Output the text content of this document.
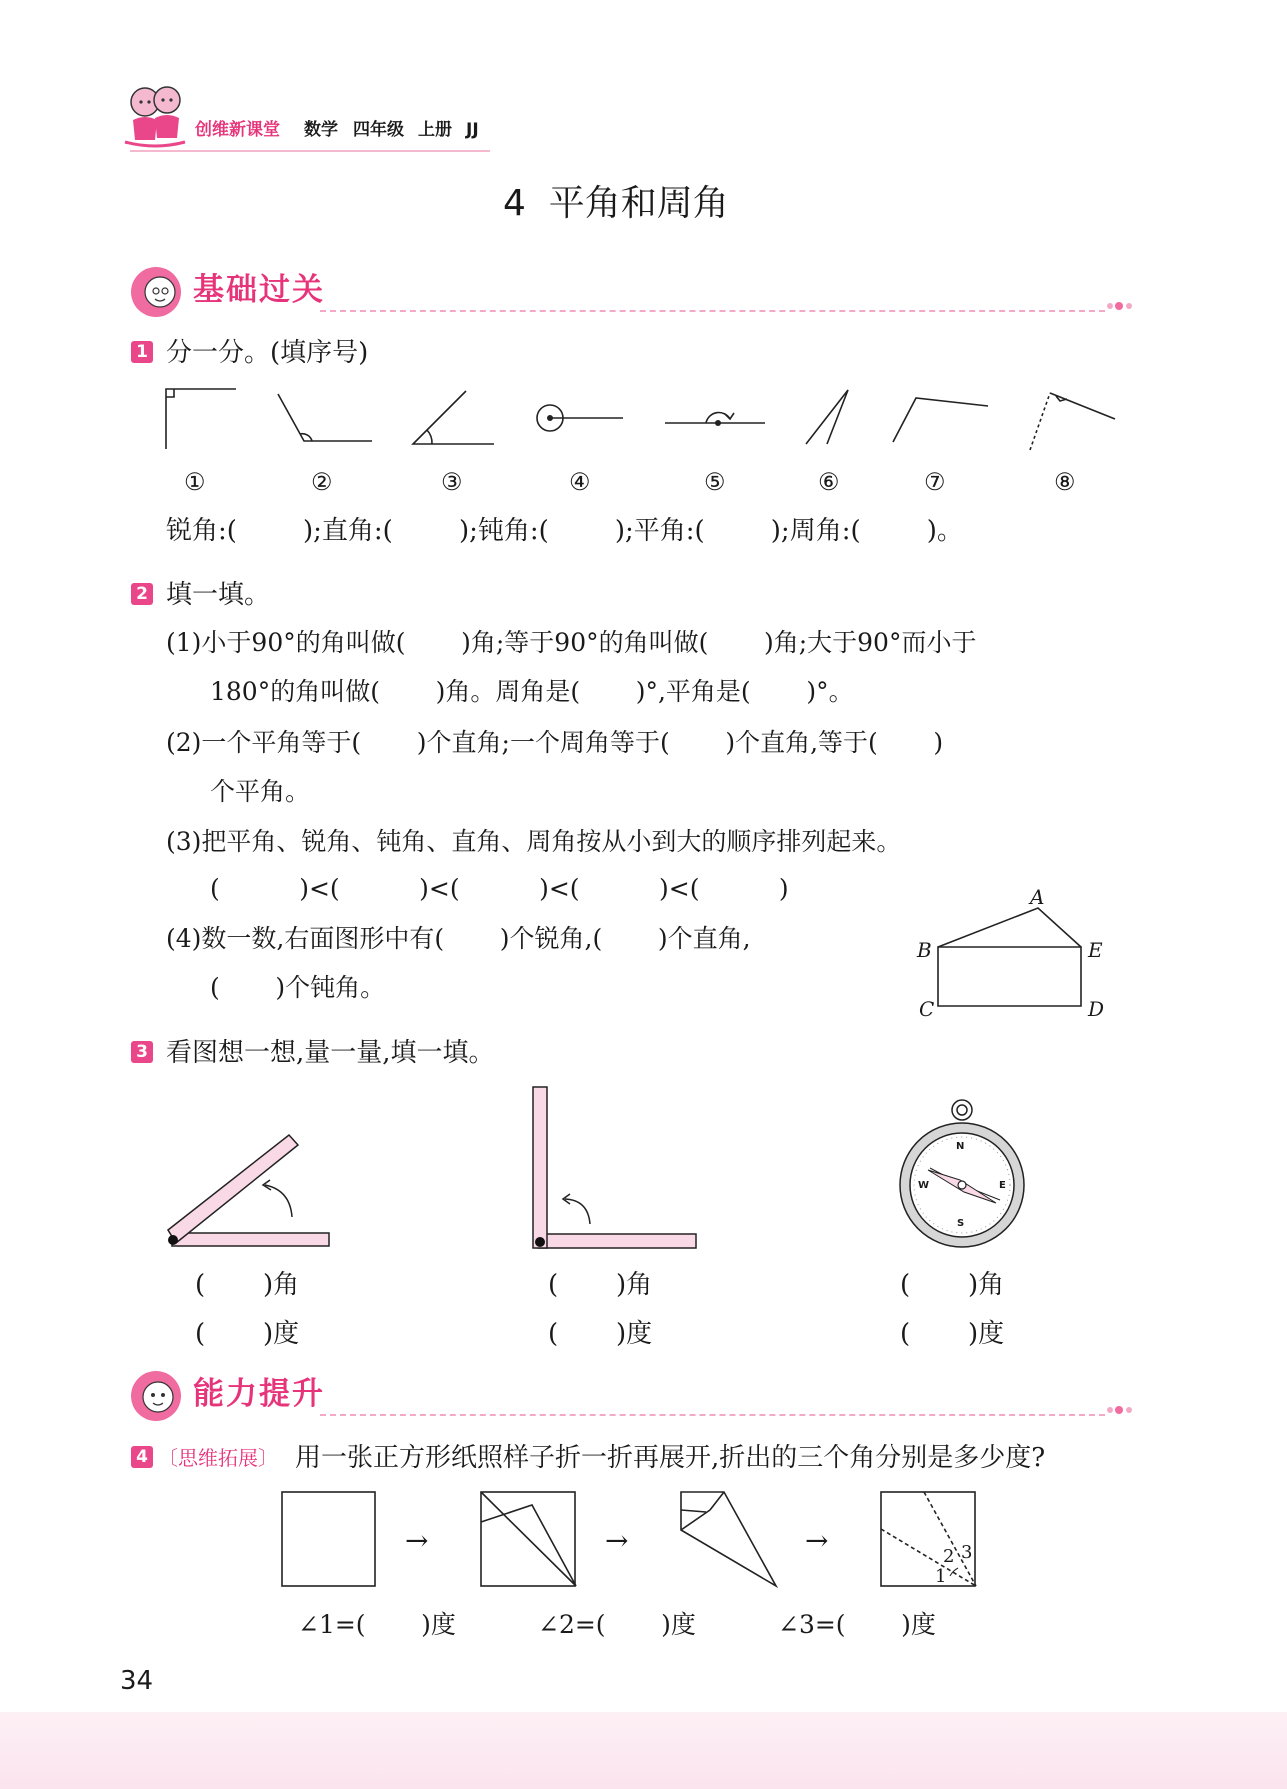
创维新课堂 数学 四年级 上册 JJ
4  平角和周角
基础过关
1 分一分。(填序号)
①	②	③	④	⑤	⑥	⑦	⑧
锐角:(        );直角:(        );钝角:(        );平角:(        );周角:(        )。
2 填一填。
(1)小于90°的角叫做(       )角;等于90°的角叫做(       )角;大于90°而小于
180°的角叫做(       )角。周角是(       )°,平角是(       )°。
(2)一个平角等于(       )个直角;一个周角等于(       )个直角,等于(       )
个平角。
(3)把平角、锐角、钝角、直角、周角按从小到大的顺序排列起来。
(          )<(          )<(          )<(          )<(          )
(4)数一数,右面图形中有(       )个锐角,(       )个直角,
(       )个钝角。
A
B	E
C	D
3 看图想一想,量一量,填一填。
N
S
W	E
(       )角
(       )度
(       )角
(       )度
(       )角
(       )度
能力提升
4 〔思维拓展〕 用一张正方形纸照样子折一折再展开,折出的三个角分别是多少度?
→	→	→
1
2 3
∠1=(       )度	∠2=(       )度	∠3=(       )度
34
